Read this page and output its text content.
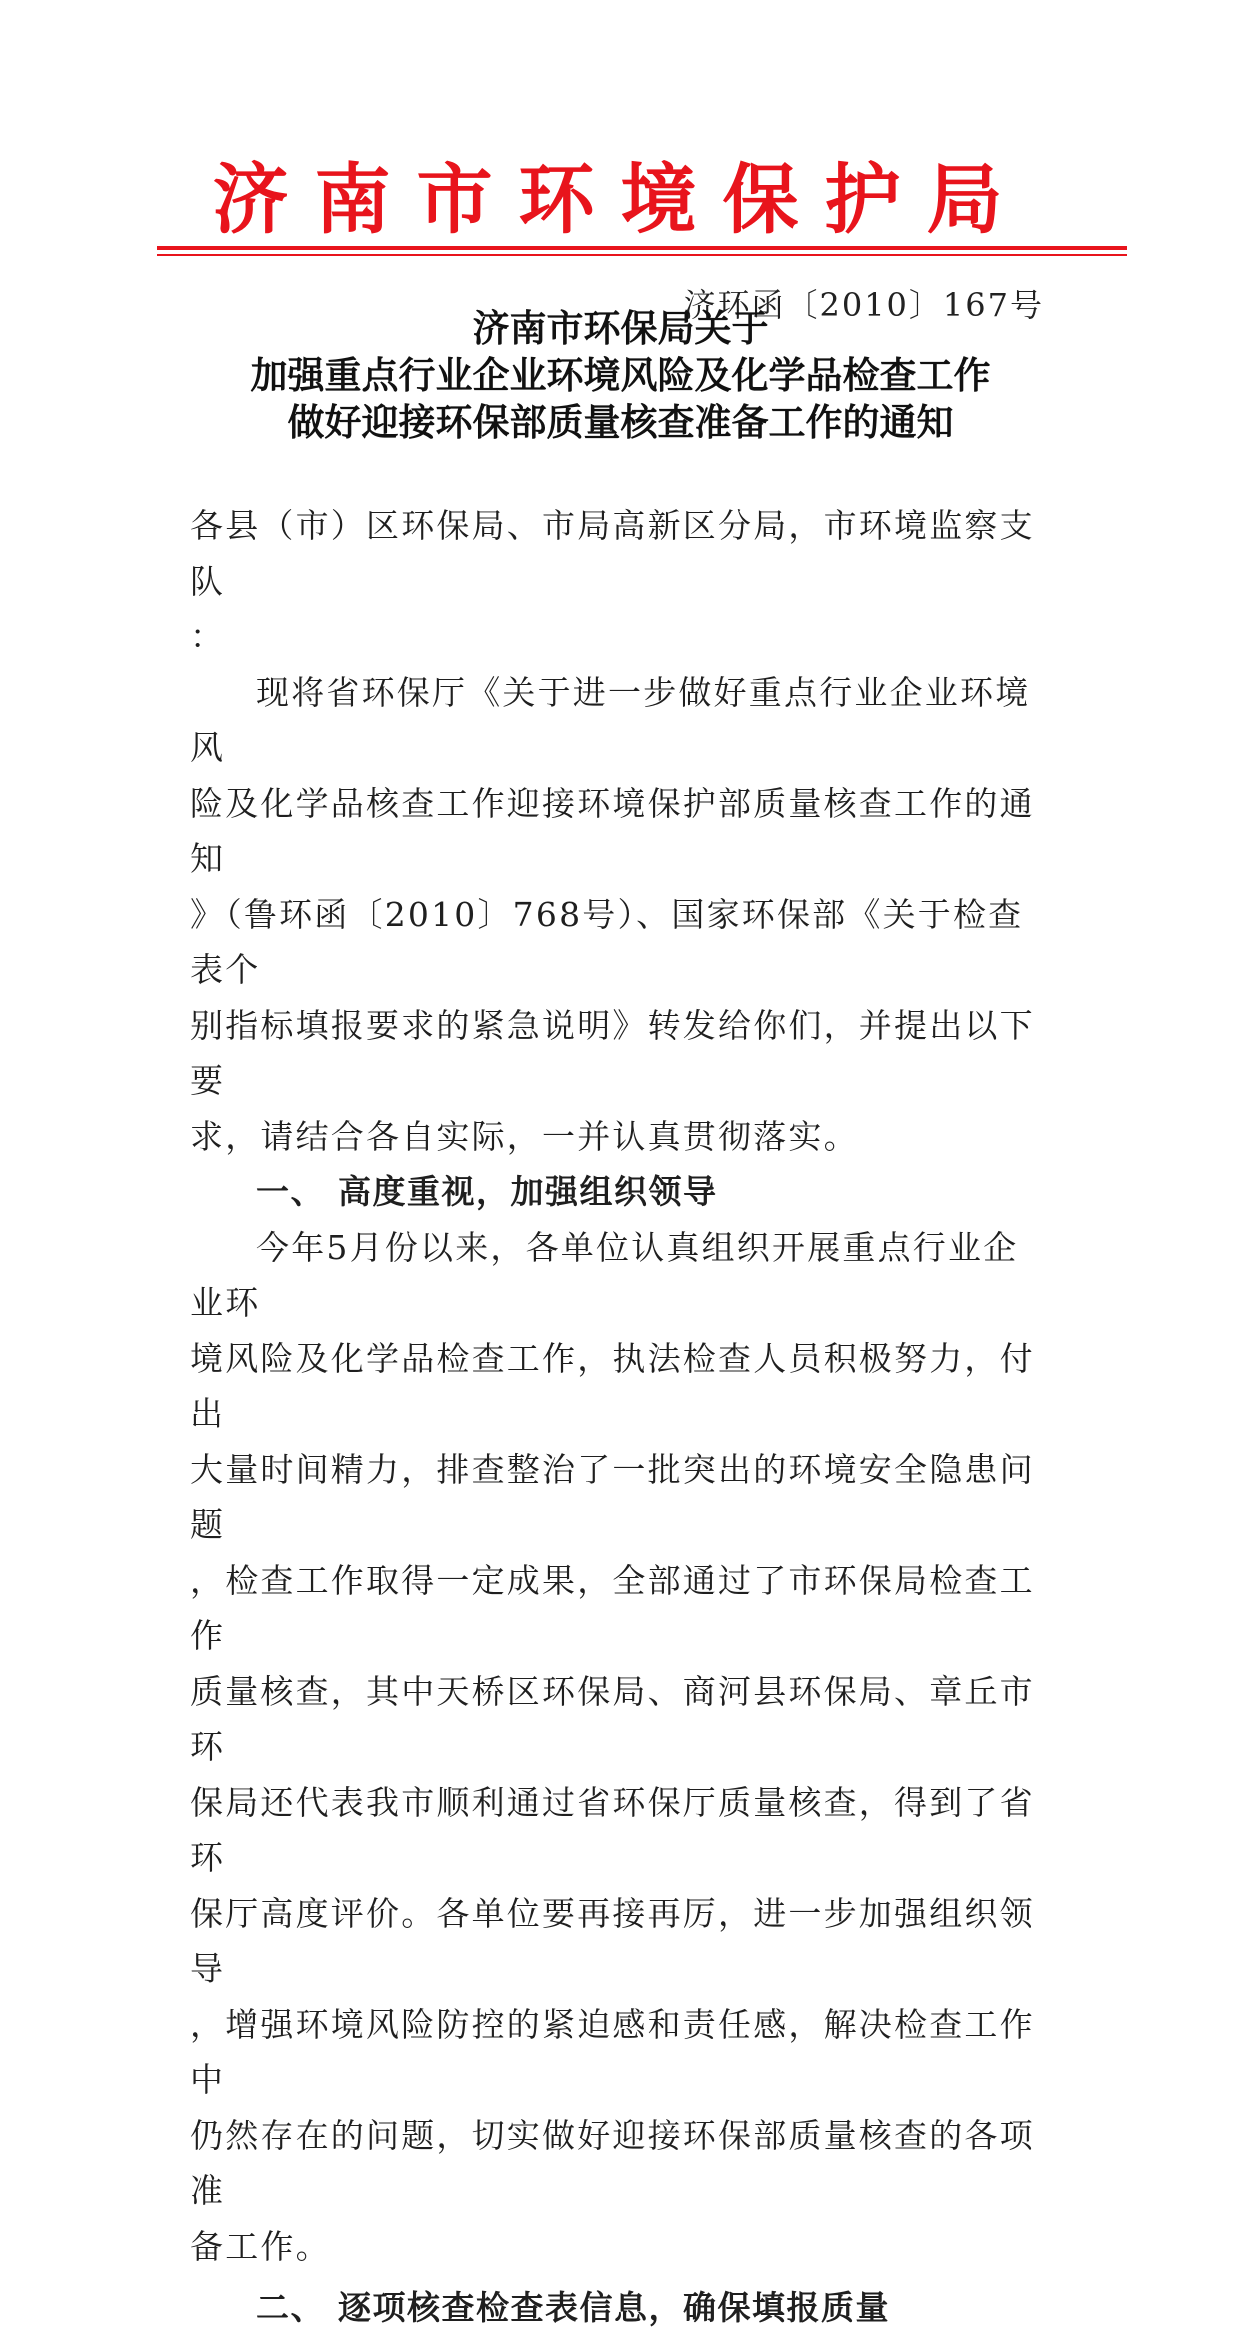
济南市环境保护局
济环函〔2010〕167号
济南市环保局关于
加强重点行业企业环境风险及化学品检查工作
做好迎接环保部质量核查准备工作的通知

各县（市）区环保局、市局高新区分局，市环境监察支队

：

现将省环保厅《关于进一步做好重点行业企业环境风

险及化学品核查工作迎接环境保护部质量核查工作的通知

》（鲁环函〔2010〕768号）、国家环保部《关于检查表个

别指标填报要求的紧急说明》转发给你们，并提出以下要

求，请结合各自实际，一并认真贯彻落实。

一、 高度重视，加强组织领导

今年5月份以来，各单位认真组织开展重点行业企业环

境风险及化学品检查工作，执法检查人员积极努力，付出

大量时间精力，排查整治了一批突出的环境安全隐患问题

，检查工作取得一定成果，全部通过了市环保局检查工作

质量核查，其中天桥区环保局、商河县环保局、章丘市环

保局还代表我市顺利通过省环保厅质量核查，得到了省环

保厅高度评价。各单位要再接再厉，进一步加强组织领导

，增强环境风险防控的紧迫感和责任感，解决检查工作中

仍然存在的问题，切实做好迎接环保部质量核查的各项准

备工作。

二、 逐项核查检查表信息，确保填报质量
